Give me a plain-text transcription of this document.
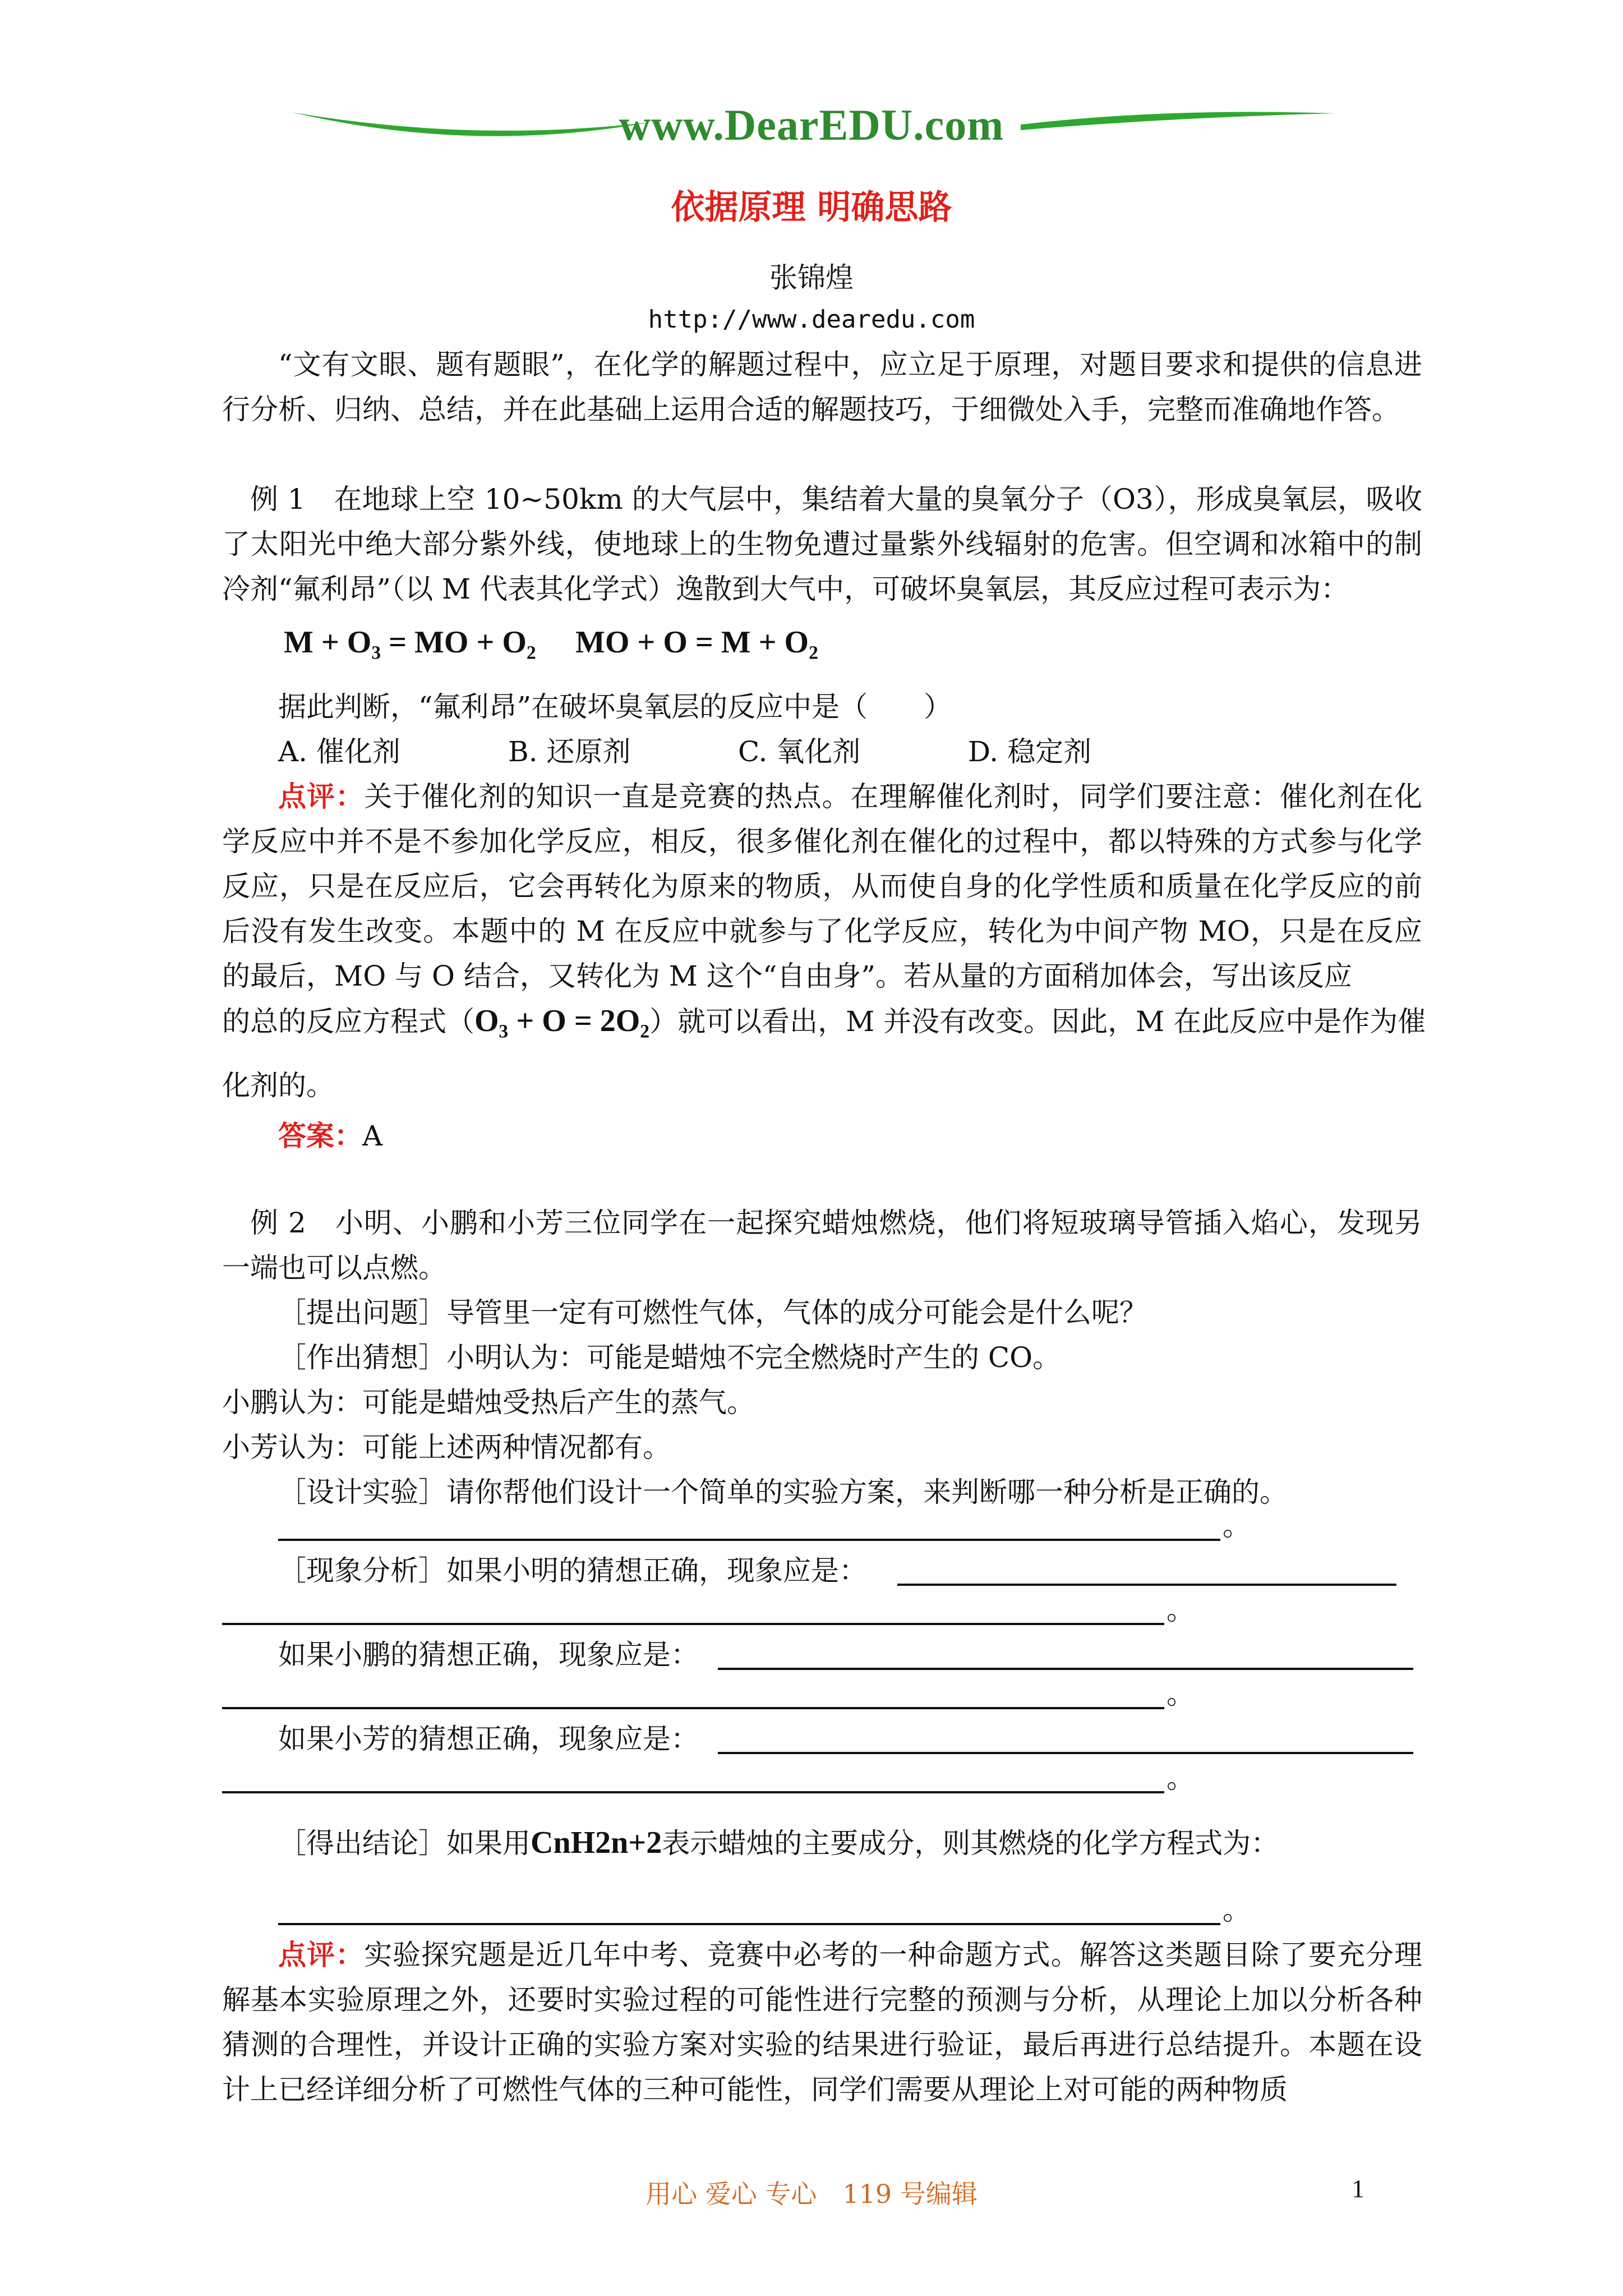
www.DearEDU.com
依据原理 明确思路
张锦煌
http://www.dearedu.com
“文有文眼、题有题眼”，在化学的解题过程中，应立足于原理，对题目要求和提供的信息进行分析、归纳、总结，并在此基础上运用合适的解题技巧，于细微处入手，完整而准确地作答。
例 1　在地球上空 10~50km 的大气层中，集结着大量的臭氧分子（O3），形成臭氧层，吸收了太阳光中绝大部分紫外线，使地球上的生物免遭过量紫外线辐射的危害。但空调和冰箱中的制冷剂“氟利昂”（以 M 代表其化学式）逸散到大气中，可破坏臭氧层，其反应过程可表示为：
M + O₃ = MO + O₂ MO + O = M + O₂
据此判断，“氟利昂”在破坏臭氧层的反应中是（　　）
A. 催化剂	B. 还原剂	C. 氧化剂	D. 稳定剂
点评：关于催化剂的知识一直是竞赛的热点。在理解催化剂时，同学们要注意：催化剂在化学反应中并不是不参加化学反应，相反，很多催化剂在催化的过程中，都以特殊的方式参与化学反应，只是在反应后，它会再转化为原来的物质，从而使自身的化学性质和质量在化学反应的前后没有发生改变。本题中的 M 在反应中就参与了化学反应，转化为中间产物 MO，只是在反应的最后，MO 与 O 结合，又转化为 M 这个“自由身”。若从量的方面稍加体会，写出该反应
的总的反应方程式（O₃ + O = 2O₂）就可以看出，M 并没有改变。因此，M 在此反应中是作为催
化剂的。
答案：A
例 2　小明、小鹏和小芳三位同学在一起探究蜡烛燃烧，他们将短玻璃导管插入焰心，发现另一端也可以点燃。
［提出问题］导管里一定有可燃性气体，气体的成分可能会是什么呢？
［作出猜想］小明认为：可能是蜡烛不完全燃烧时产生的 CO。
小鹏认为：可能是蜡烛受热后产生的蒸气。
小芳认为：可能上述两种情况都有。
［设计实验］请你帮他们设计一个简单的实验方案，来判断哪一种分析是正确的。
。
［现象分析］如果小明的猜想正确，现象应是：
。
如果小鹏的猜想正确，现象应是：
。
如果小芳的猜想正确，现象应是：
。
［得出结论］如果用CnH2n+2表示蜡烛的主要成分，则其燃烧的化学方程式为：
。
点评：实验探究题是近几年中考、竞赛中必考的一种命题方式。解答这类题目除了要充分理解基本实验原理之外，还要时实验过程的可能性进行完整的预测与分析，从理论上加以分析各种猜测的合理性，并设计正确的实验方案对实验的结果进行验证，最后再进行总结提升。本题在设计上已经详细分析了可燃性气体的三种可能性，同学们需要从理论上对可能的两种物质
用心 爱心 专心　119 号编辑	1
